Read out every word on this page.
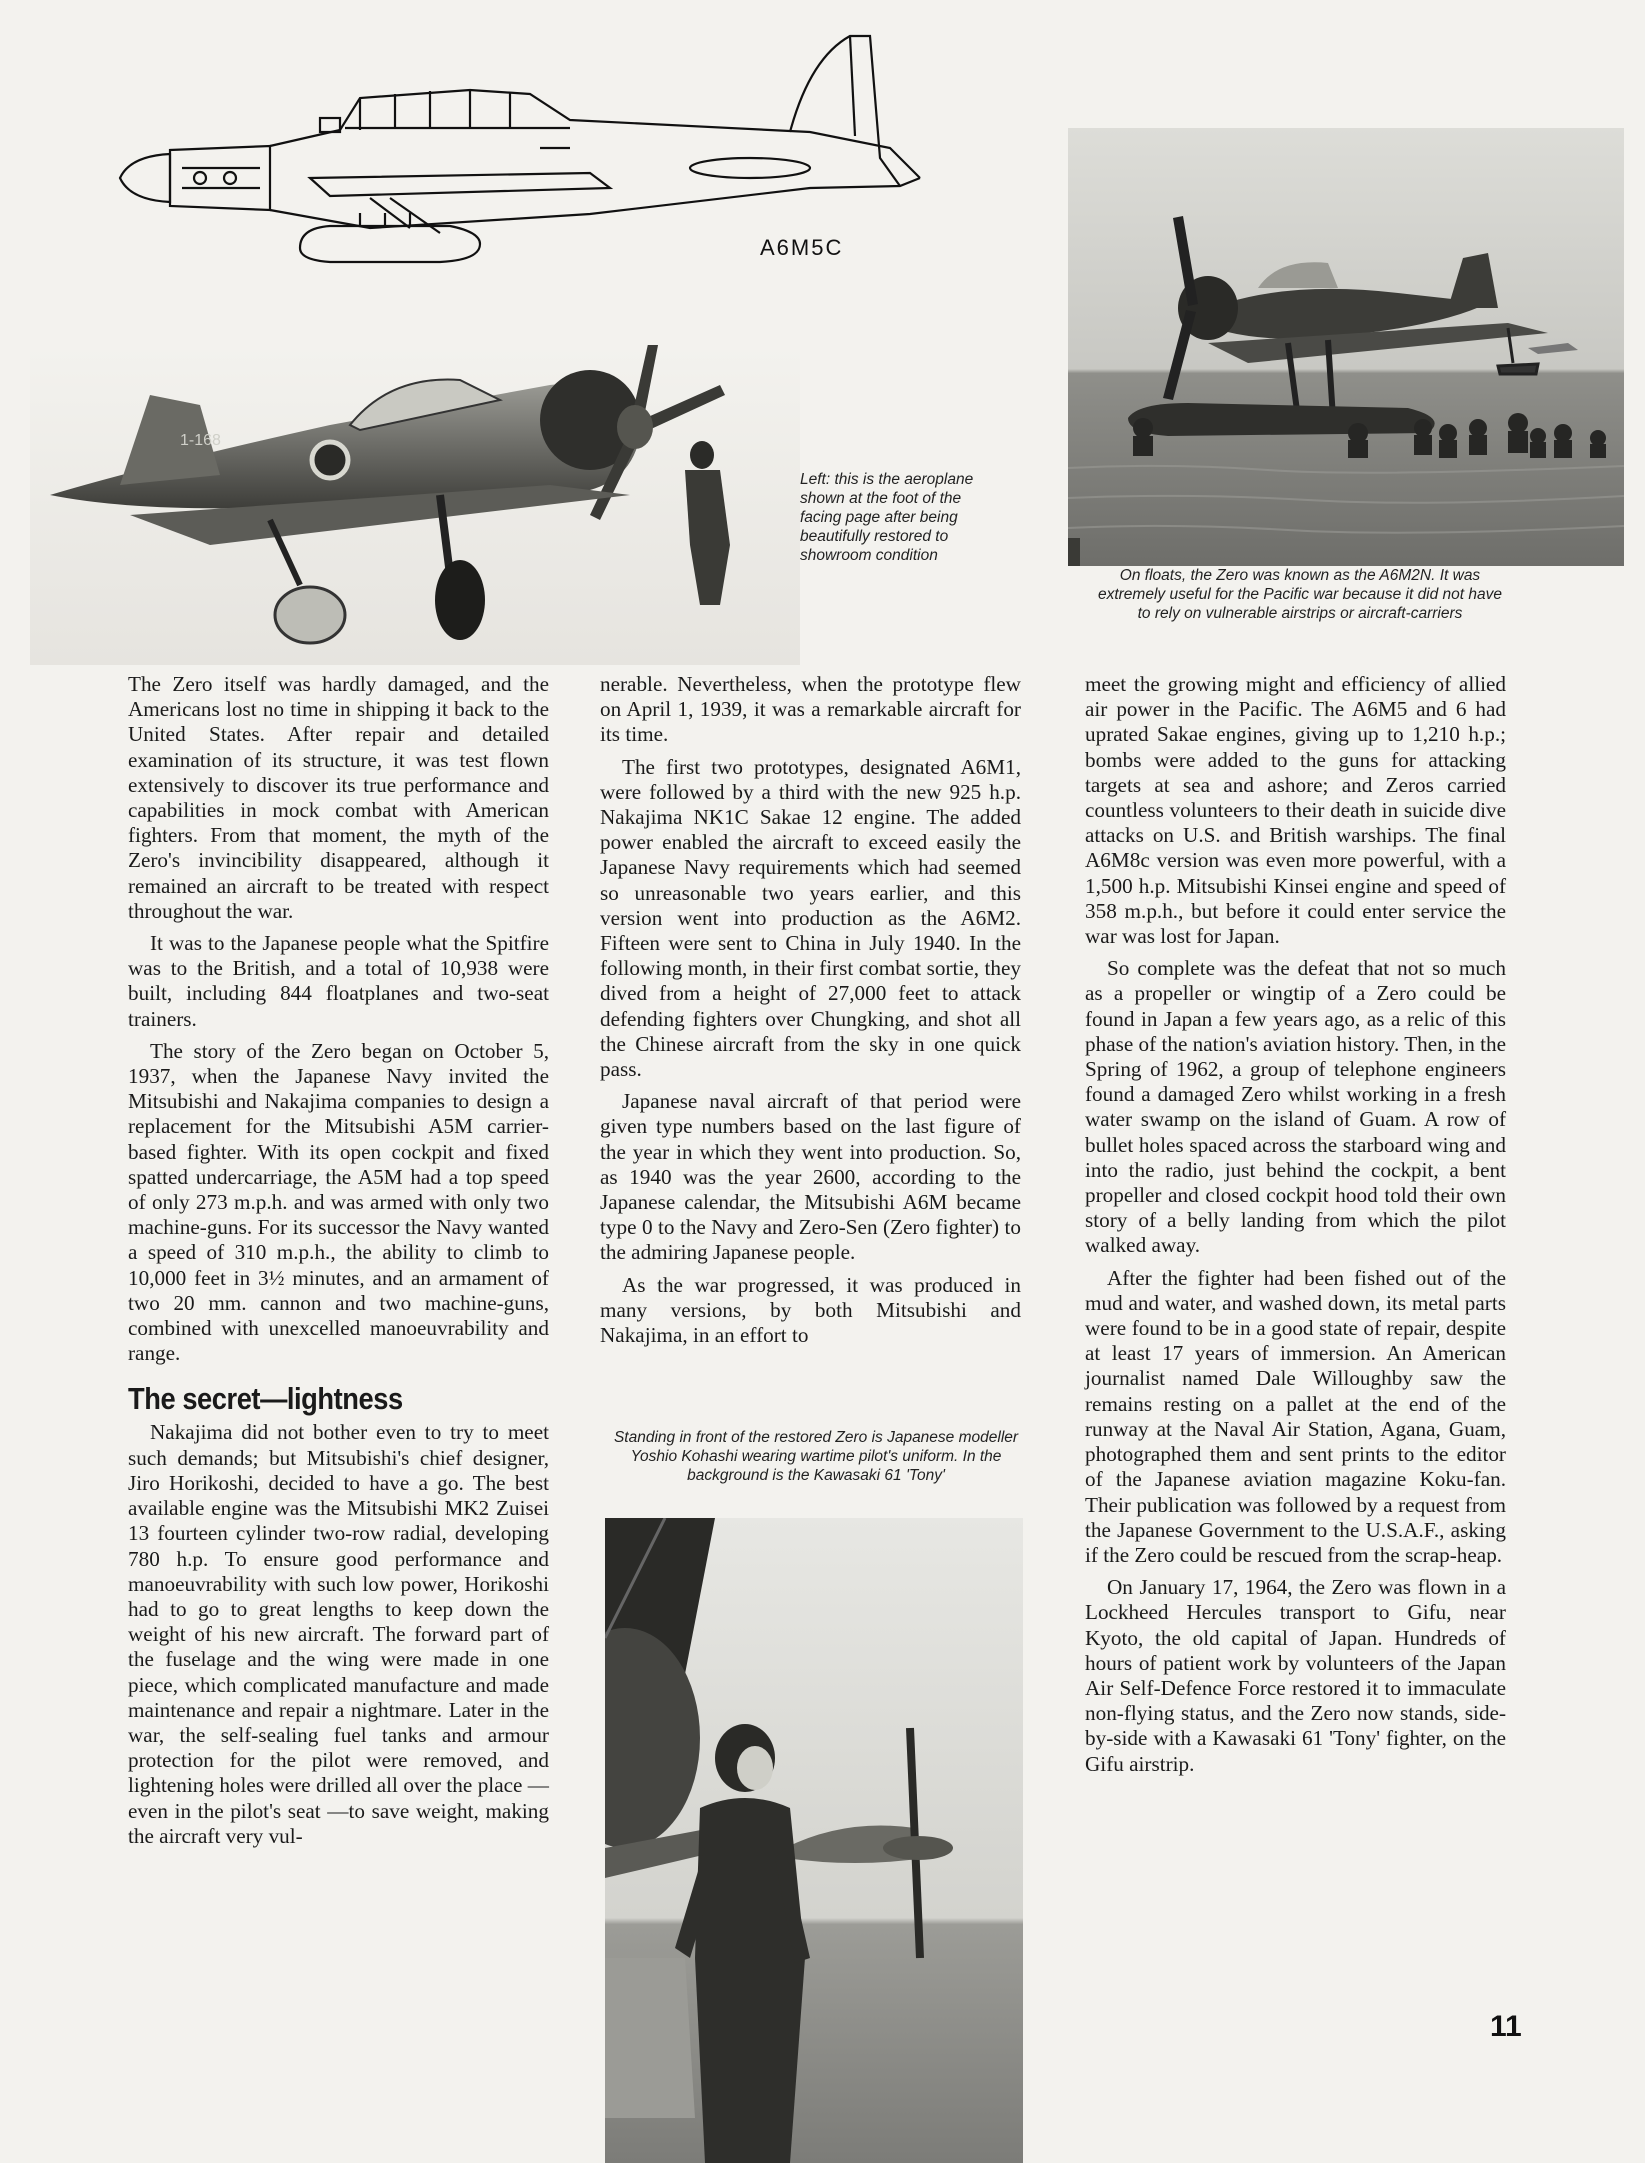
A6M5C
1-168
Left: this is the aeroplane shown at the foot of the facing page after being beautifully restored to showroom condition
On floats, the Zero was known as the A6M2N. It was extremely useful for the Pacific war because it did not have to rely on vulnerable airstrips or aircraft-carriers
Standing in front of the restored Zero is Japanese modeller Yoshio Kohashi wearing wartime pilot's uniform. In the background is the Kawasaki 61 'Tony'

The Zero itself was hardly damaged, and the Americans lost no time in shipping it back to the United States. After repair and detailed examination of its structure, it was test flown extensively to discover its true performance and capabilities in mock combat with American fighters. From that moment, the myth of the Zero's invincibility disappeared, although it remained an aircraft to be treated with respect throughout the war.

It was to the Japanese people what the Spitfire was to the British, and a total of 10,938 were built, including 844 floatplanes and two-seat trainers.

The story of the Zero began on October 5, 1937, when the Japanese Navy invited the Mitsubishi and Nakajima companies to design a replacement for the Mitsubishi A5M carrier-based fighter. With its open cockpit and fixed spatted undercarriage, the A5M had a top speed of only 273 m.p.h. and was armed with only two machine-guns. For its successor the Navy wanted a speed of 310 m.p.h., the ability to climb to 10,000 feet in 3½ minutes, and an armament of two 20 mm. cannon and two machine-guns, combined with unexcelled manoeuvrability and range.

The secret—lightness

Nakajima did not bother even to try to meet such demands; but Mitsubishi's chief designer, Jiro Horikoshi, decided to have a go. The best available engine was the Mitsubishi MK2 Zuisei 13 fourteen cylinder two-row radial, developing 780 h.p. To ensure good performance and manoeuvrability with such low power, Horikoshi had to go to great lengths to keep down the weight of his new aircraft. The forward part of the fuselage and the wing were made in one piece, which complicated manufacture and made maintenance and repair a nightmare. Later in the war, the self-sealing fuel tanks and armour protection for the pilot were removed, and lightening holes were drilled all over the place —even in the pilot's seat —to save weight, making the aircraft very vul-

nerable. Nevertheless, when the prototype flew on April 1, 1939, it was a remarkable aircraft for its time.

The first two prototypes, designated A6M1, were followed by a third with the new 925 h.p. Nakajima NK1C Sakae 12 engine. The added power enabled the aircraft to exceed easily the Japanese Navy requirements which had seemed so unreasonable two years earlier, and this version went into production as the A6M2. Fifteen were sent to China in July 1940. In the following month, in their first combat sortie, they dived from a height of 27,000 feet to attack defending fighters over Chungking, and shot all the Chinese aircraft from the sky in one quick pass.

Japanese naval aircraft of that period were given type numbers based on the last figure of the year in which they went into production. So, as 1940 was the year 2600, according to the Japanese calendar, the Mitsubishi A6M became type 0 to the Navy and Zero-Sen (Zero fighter) to the admiring Japanese people.

As the war progressed, it was produced in many versions, by both Mitsubishi and Nakajima, in an effort to

meet the growing might and efficiency of allied air power in the Pacific. The A6M5 and 6 had uprated Sakae engines, giving up to 1,210 h.p.; bombs were added to the guns for attacking targets at sea and ashore; and Zeros carried countless volunteers to their death in suicide dive attacks on U.S. and British warships. The final A6M8c version was even more powerful, with a 1,500 h.p. Mitsubishi Kinsei engine and speed of 358 m.p.h., but before it could enter service the war was lost for Japan.

So complete was the defeat that not so much as a propeller or wingtip of a Zero could be found in Japan a few years ago, as a relic of this phase of the nation's aviation history. Then, in the Spring of 1962, a group of telephone engineers found a damaged Zero whilst working in a fresh water swamp on the island of Guam. A row of bullet holes spaced across the starboard wing and into the radio, just behind the cockpit, a bent propeller and closed cockpit hood told their own story of a belly landing from which the pilot walked away.

After the fighter had been fished out of the mud and water, and washed down, its metal parts were found to be in a good state of repair, despite at least 17 years of immersion. An American journalist named Dale Willoughby saw the remains resting on a pallet at the end of the runway at the Naval Air Station, Agana, Guam, photographed them and sent prints to the editor of the Japanese aviation magazine Koku-fan. Their publication was followed by a request from the Japanese Government to the U.S.A.F., asking if the Zero could be rescued from the scrap-heap.

On January 17, 1964, the Zero was flown in a Lockheed Hercules transport to Gifu, near Kyoto, the old capital of Japan. Hundreds of hours of patient work by volunteers of the Japan Air Self-Defence Force restored it to immaculate non-flying status, and the Zero now stands, side-by-side with a Kawasaki 61 'Tony' fighter, on the Gifu airstrip.

11
